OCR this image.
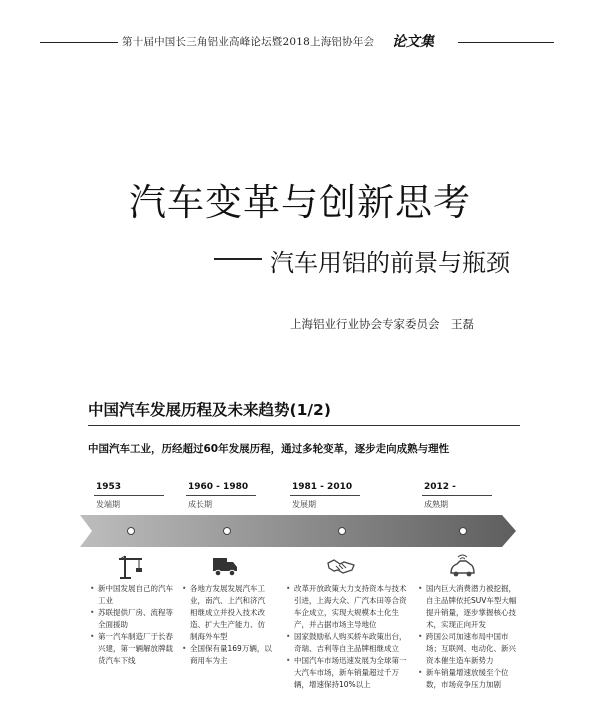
第十届中国长三角铝业高峰论坛暨2018上海铝协年会 论文集
汽车变革与创新思考
汽车用铝的前景与瓶颈
上海铝业行业协会专家委员会　王磊
中国汽车发展历程及未来趋势(1/2)
中国汽车工业，历经超过60年发展历程，通过多轮变革，逐步走向成熟与理性
1953
发端期
1960 - 1980
成长期
1981 - 2010
发展期
2012 -
成熟期
• 新中国发展自己的汽车工业
• 苏联提供厂房、流程等全面援助
• 第一汽车制造厂于长春兴建，第一辆解放牌载货汽车下线
• 各地方发展发展汽车工业，南汽、上汽和济汽相继成立并投入技术改造、扩大生产能力、仿制海外车型
• 全国保有量169万辆，以商用车为主
• 改革开放政策大力支持资本与技术引进，上海大众、广汽本田等合资车企成立，实现大规模本土化生产，并占据市场主导地位
• 国家鼓励私人购买轿车政策出台，奇瑞、吉利等自主品牌相继成立
• 中国汽车市场迅速发展为全球第一大汽车市场，新车销量超过千万辆，增速保持10%以上
• 国内巨大消费潜力被挖掘，自主品牌依托SUV车型大幅提升销量，逐步掌握核心技术，实现正向开发
• 跨国公司加速布局中国市场；互联网、电动化、新兴资本催生造车新势力
• 新车销量增速放缓至个位数，市场竞争压力加剧
